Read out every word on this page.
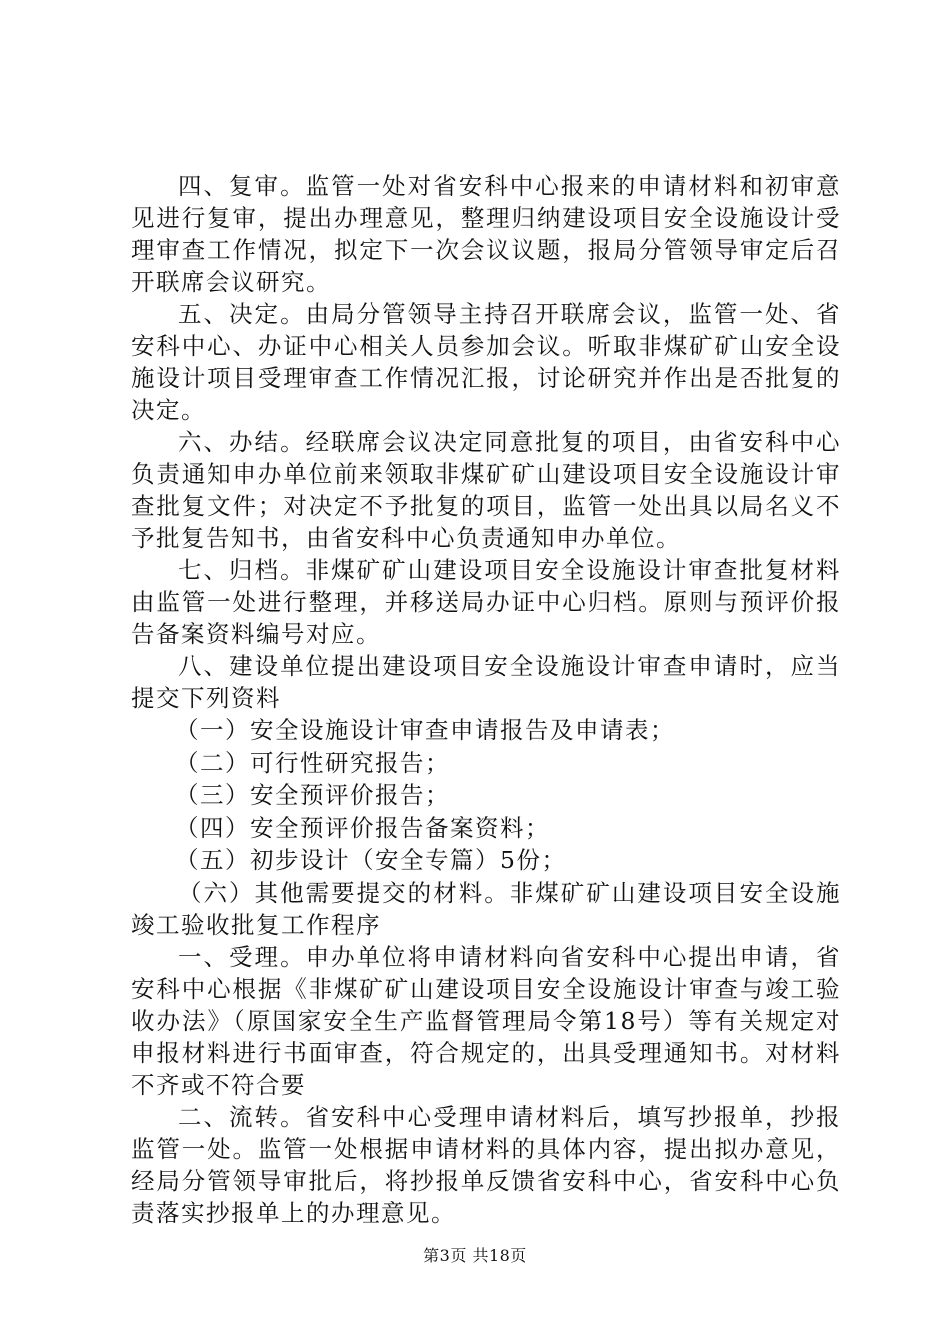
四、复审。监管一处对省安科中心报来的申请材料和初审意见进行复审，提出办理意见，整理归纳建设项目安全设施设计受理审查工作情况，拟定下一次会议议题，报局分管领导审定后召开联席会议研究。

五、决定。由局分管领导主持召开联席会议，监管一处、省安科中心、办证中心相关人员参加会议。听取非煤矿矿山安全设施设计项目受理审查工作情况汇报，讨论研究并作出是否批复的决定。

六、办结。经联席会议决定同意批复的项目，由省安科中心负责通知申办单位前来领取非煤矿矿山建设项目安全设施设计审查批复文件；对决定不予批复的项目，监管一处出具以局名义不予批复告知书，由省安科中心负责通知申办单位。

七、归档。非煤矿矿山建设项目安全设施设计审查批复材料由监管一处进行整理，并移送局办证中心归档。原则与预评价报告备案资料编号对应。

八、建设单位提出建设项目安全设施设计审查申请时，应当提交下列资料

（一）安全设施设计审查申请报告及申请表；

（二）可行性研究报告；

（三）安全预评价报告；

（四）安全预评价报告备案资料；

（五）初步设计（安全专篇）5份；

（六）其他需要提交的材料。非煤矿矿山建设项目安全设施竣工验收批复工作程序

一、受理。申办单位将申请材料向省安科中心提出申请，省安科中心根据《非煤矿矿山建设项目安全设施设计审查与竣工验收办法》（原国家安全生产监督管理局令第18号）等有关规定对申报材料进行书面审查，符合规定的，出具受理通知书。对材料不齐或不符合要

二、流转。省安科中心受理申请材料后，填写抄报单，抄报监管一处。监管一处根据申请材料的具体内容，提出拟办意见，经局分管领导审批后，将抄报单反馈省安科中心，省安科中心负责落实抄报单上的办理意见。

第3页 共18页
